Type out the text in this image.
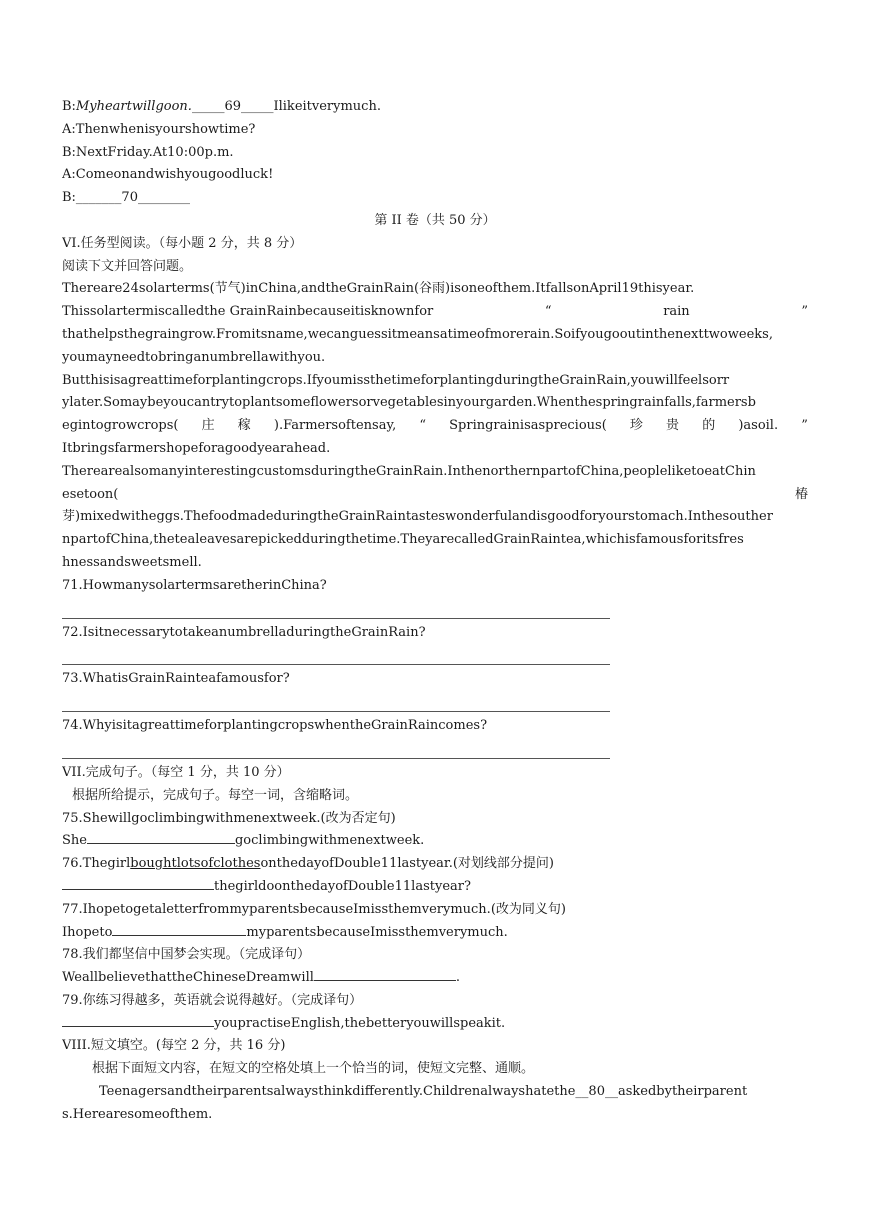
B:Myheartwillgoon._____69_____Ilikeitverymuch.
A:Thenwhenisyourshowtime?
B:NextFriday.At10:00p.m.
A:Comeonandwishyougoodluck!
B:_______70________
第 II 卷（共 50 分）
VI.任务型阅读。（每小题 2 分，共 8 分）
阅读下文并回答问题。
Thereare24solarterms(节气)inChina,andtheGrainRain(谷雨)isoneofthem.ItfallsonApril19thisyear.
Thissolartermiscalledthe GrainRainbecauseitisknownfor	“	rain	”
thathelpsthegraingrow.Fromitsname,wecanguessitmeansatimeofmorerain.Soifyougooutinthenexttwoweeks,
youmayneedtobringanumbrellawithyou.
Butthisisagreattimeforplantingcrops.IfyoumissthetimeforplantingduringtheGrainRain,youwillfeelsorr
ylater.Somaybeyoucantrytoplantsomeflowersorvegetablesinyourgarden.Whenthespringrainfalls,farmersb
egintogrowcrops( 庄 稼 ).Farmersoftensay, “ Springrainisasprecious( 珍 贵 的 )asoil. ”
Itbringsfarmershopeforagoodyearahead.
TherearealsomanyinterestingcustomsduringtheGrainRain.InthenorthernpartofChina,peopleliketoeatChin
esetoon(	椿
芽)mixedwitheggs.ThefoodmadeduringtheGrainRaintasteswonderfulandisgoodforyourstomach.Inthesouther
npartofChina,thetealeavesarepickedduringthetime.TheyarecalledGrainRaintea,whichisfamousforitsfres
hnessandsweetsmell.
71.HowmanysolartermsaretherinChina?
72.IsitnecessarytotakeanumbrelladuringtheGrainRain?
73.WhatisGrainRainteafamousfor?
74.WhyisitagreattimeforplantingcropswhentheGrainRaincomes?
VII.完成句子。（每空 1 分，共 10 分）
根据所给提示，完成句子。每空一词，含缩略词。
75.Shewillgoclimbingwithmenextweek.(改为否定句)
She	goclimbingwithmenextweek.
76.ThegirlboughtlotsofclothesonthedayofDouble11lastyear.(对划线部分提问)
thegirldoonthedayofDouble11lastyear?
77.IhopetogetaletterfrommyparentsbecauseImissthemverymuch.(改为同义句)
Ihopeto	myparentsbecauseImissthemverymuch.
78.我们都坚信中国梦会实现。（完成译句）
WeallbelievethattheChineseDreamwill	.
79.你练习得越多，英语就会说得越好。（完成译句）
youpractiseEnglish,thebetteryouwillspeakit.
VIII.短文填空。(每空 2 分，共 16 分)
根据下面短文内容，在短文的空格处填上一个恰当的词，使短文完整、通顺。
Teenagersandtheirparentsalwaysthinkdifferently.Childrenalwayshatethe__80__askedbytheirparent
s.Herearesomeofthem.
